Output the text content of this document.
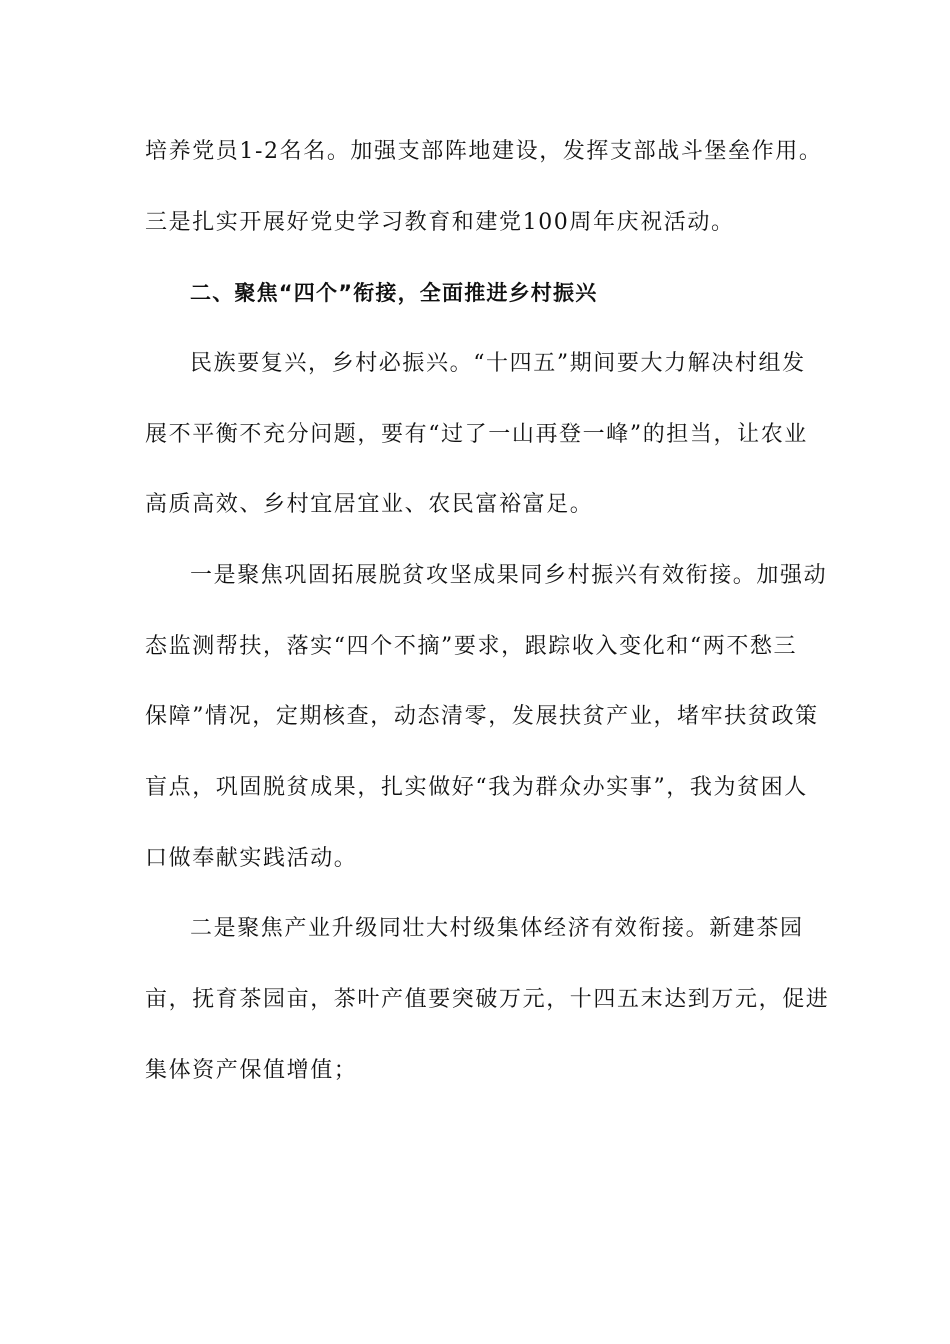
培养党员1-2名名。加强支部阵地建设，发挥支部战斗堡垒作用。
三是扎实开展好党史学习教育和建党100周年庆祝活动。
二、聚焦“四个”衔接，全面推进乡村振兴
民族要复兴，乡村必振兴。“十四五”期间要大力解决村组发
展不平衡不充分问题，要有“过了一山再登一峰”的担当，让农业
高质高效、乡村宜居宜业、农民富裕富足。
一是聚焦巩固拓展脱贫攻坚成果同乡村振兴有效衔接。加强动
态监测帮扶，落实“四个不摘”要求，跟踪收入变化和“两不愁三
保障”情况，定期核查，动态清零，发展扶贫产业，堵牢扶贫政策
盲点，巩固脱贫成果，扎实做好“我为群众办实事”，我为贫困人
口做奉献实践活动。
二是聚焦产业升级同壮大村级集体经济有效衔接。新建茶园
亩，抚育茶园亩，茶叶产值要突破万元，十四五末达到万元，促进
集体资产保值增值；
